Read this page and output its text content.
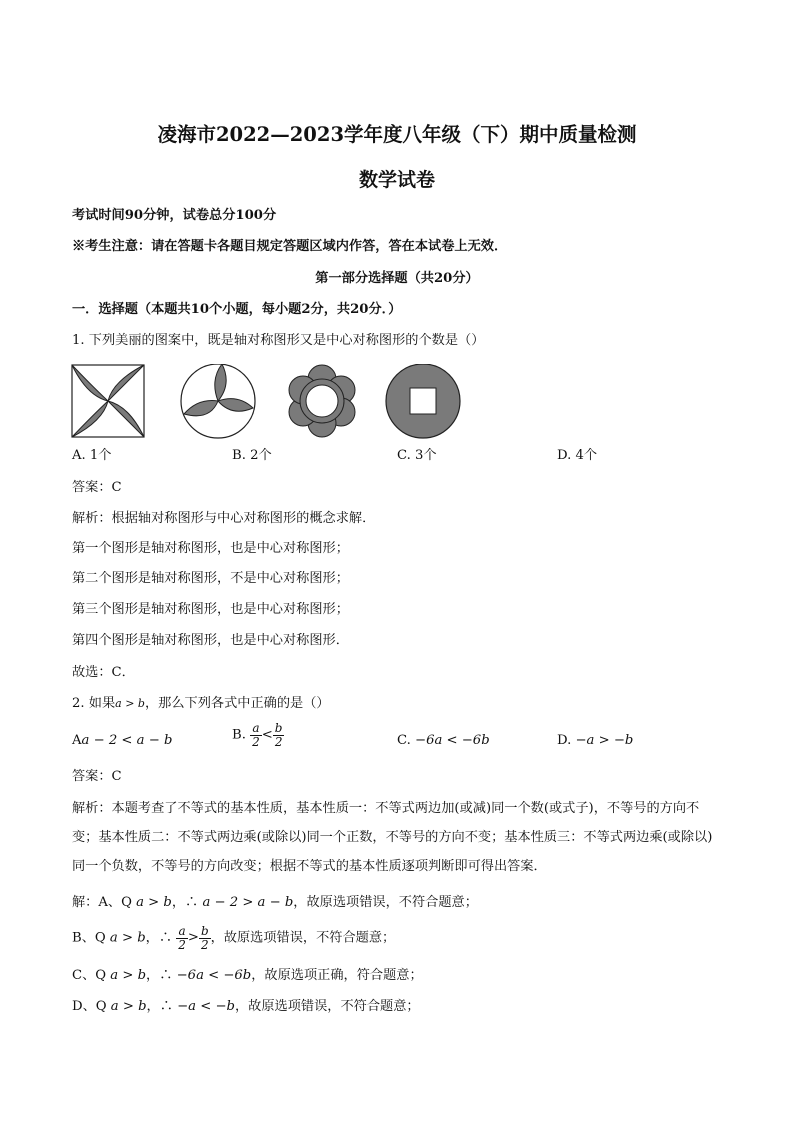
凌海市2022—2023学年度八年级（下）期中质量检测
数学试卷
考试时间90分钟，试卷总分100分
※考生注意：请在答题卡各题目规定答题区域内作答，答在本试卷上无效．
第一部分选择题（共20分）
一．选择题（本题共10个小题，每小题2分，共20分．）
1. 下列美丽的图案中，既是轴对称图形又是中心对称图形的个数是（）
A. 1个	B. 2个	C. 3个	D. 4个
答案：C
解析：根据轴对称图形与中心对称图形的概念求解．
第一个图形是轴对称图形，也是中心对称图形；
第二个图形是轴对称图形，不是中心对称图形；
第三个图形是轴对称图形，也是中心对称图形；
第四个图形是轴对称图形，也是中心对称图形．
故选：C．
2. 如果a > b，那么下列各式中正确的是（）
Aa − 2 < a − b	B. $\frac{a}{2} < \frac{b}{2}$	C. −6a < −6b	D. −a > −b
答案：C
解析：本题考查了不等式的基本性质，基本性质一：不等式两边加(或减)同一个数(或式子)，不等号的方向不变；基本性质二：不等式两边乘(或除以)同一个正数，不等号的方向不变；基本性质三：不等式两边乘(或除以)同一个负数，不等号的方向改变；根据不等式的基本性质逐项判断即可得出答案．
解：A、Q a > b，∴ a − 2 > a − b，故原选项错误，不符合题意；
B、Q a > b，∴ $\frac{a}{2} > \frac{b}{2}$ ，故原选项错误，不符合题意；
C、Q a > b，∴ −6a < −6b，故原选项正确，符合题意；
D、Q a > b，∴ −a < −b，故原选项错误，不符合题意；
